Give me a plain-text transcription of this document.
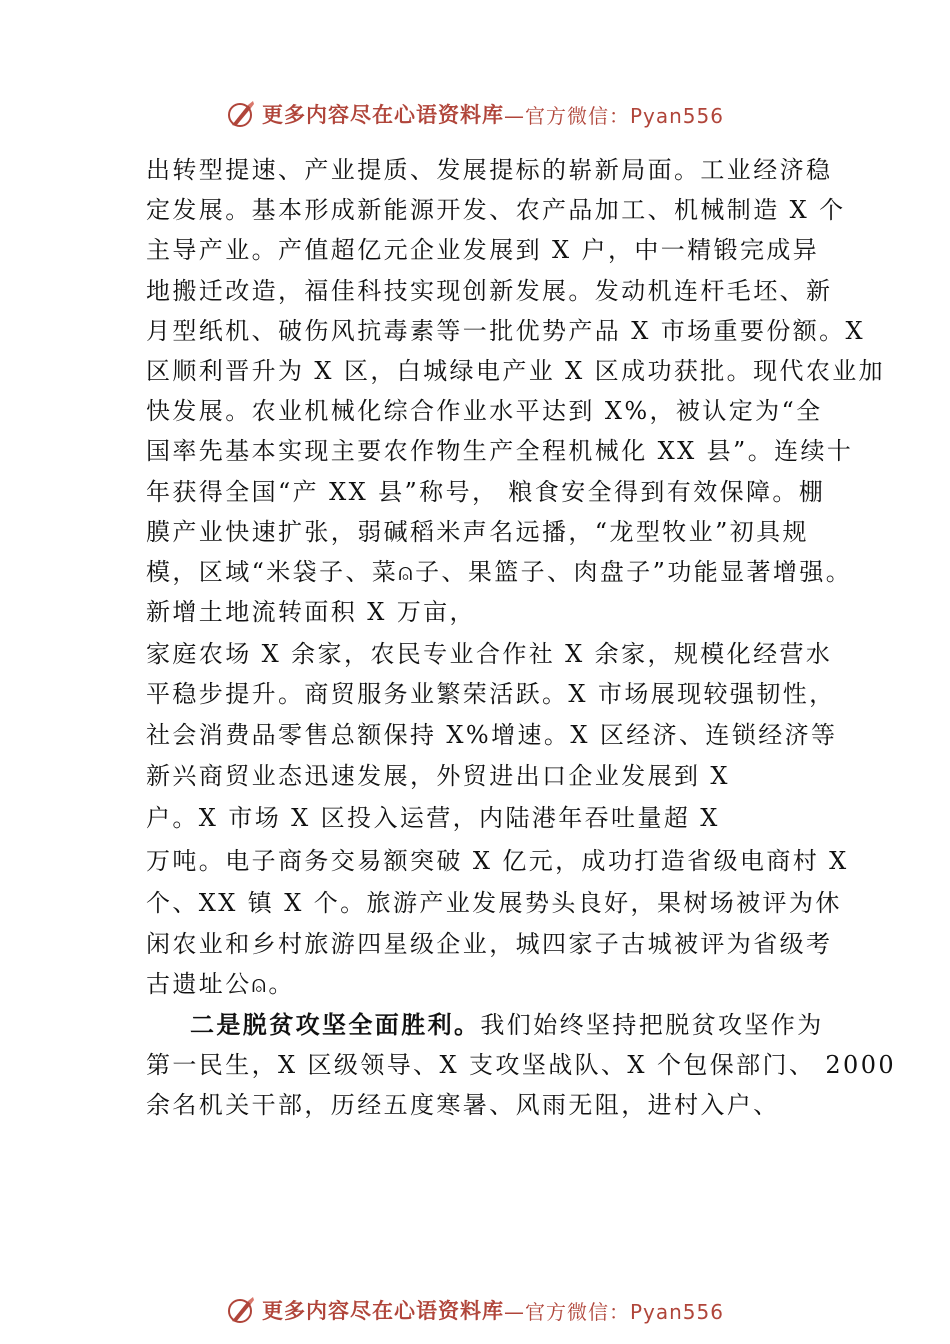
更多内容尽在心语资料库 —官方微信：Pyan556
出转型提速、产业提质、发展提标的崭新局面。工业经济稳
定发展。基本形成新能源开发、农产品加工、机械制造 X 个
主导产业。产值超亿元企业发展到 X 户，中一精锻完成异
地搬迁改造，福佳科技实现创新发展。发动机连杆毛坯、新
月型纸机、破伤风抗毒素等一批优势产品 X 市场重要份额。X
区顺利晋升为 X 区，白城绿电产业 X 区成功获批。现代农业加
快发展。农业机械化综合作业水平达到 X%，被认定为“全
国率先基本实现主要农作物生产全程机械化 XX 县”。连续十
年获得全国“产 XX 县”称号， 粮食安全得到有效保障。棚
膜产业快速扩张，弱碱稻米声名远播，“龙型牧业”初具规
模，区域“米袋子、菜⍝子、果篮子、肉盘子”功能显著增强。
新增土地流转面积 X 万亩，
家庭农场 X 余家，农民专业合作社 X 余家，规模化经营水
平稳步提升。商贸服务业繁荣活跃。X 市场展现较强韧性，
社会消费品零售总额保持 X%增速。X 区经济、连锁经济等
新兴商贸业态迅速发展，外贸进出口企业发展到 X
户。X 市场 X 区投入运营，内陆港年吞吐量超 X
万吨。电子商务交易额突破 X 亿元，成功打造省级电商村 X
个、XX 镇 X 个。旅游产业发展势头良好，果树场被评为休
闲农业和乡村旅游四星级企业，城四家子古城被评为省级考
古遗址公⍝。
二是脱贫攻坚全面胜利。我们始终坚持把脱贫攻坚作为
第一民生，X 区级领导、X 支攻坚战队、X 个包保部门、 2000
余名机关干部，历经五度寒暑、风雨无阻，进村入户、
更多内容尽在心语资料库 —官方微信：Pyan556
